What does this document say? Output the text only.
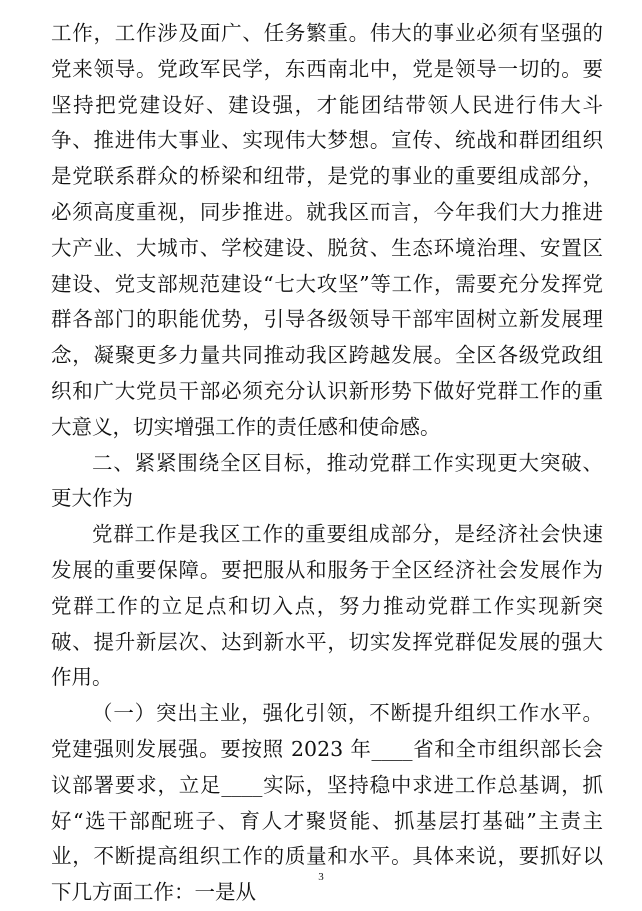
工作，工作涉及面广、任务繁重。伟大的事业必须有坚强的党来领导。党政军民学，东西南北中，党是领导一切的。要坚持把党建设好、建设强，才能团结带领人民进行伟大斗争、推进伟大事业、实现伟大梦想。宣传、统战和群团组织是党联系群众的桥梁和纽带，是党的事业的重要组成部分，必须高度重视，同步推进。就我区而言，今年我们大力推进大产业、大城市、学校建设、脱贫、生态环境治理、安置区建设、党支部规范建设“七大攻坚”等工作，需要充分发挥党群各部门的职能优势，引导各级领导干部牢固树立新发展理念，凝聚更多力量共同推动我区跨越发展。全区各级党政组织和广大党员干部必须充分认识新形势下做好党群工作的重大意义，切实增强工作的责任感和使命感。

二、紧紧围绕全区目标，推动党群工作实现更大突破、更大作为

党群工作是我区工作的重要组成部分，是经济社会快速发展的重要保障。要把服从和服务于全区经济社会发展作为党群工作的立足点和切入点，努力推动党群工作实现新突破、提升新层次、达到新水平，切实发挥党群促发展的强大作用。

（一）突出主业，强化引领，不断提升组织工作水平。党建强则发展强。要按照 2023 年____省和全市组织部长会议部署要求，立足____实际，坚持稳中求进工作总基调，抓好“选干部配班子、育人才聚贤能、抓基层打基础”主责主业，不断提高组织工作的质量和水平。具体来说，要抓好以下几方面工作：一是从

3
